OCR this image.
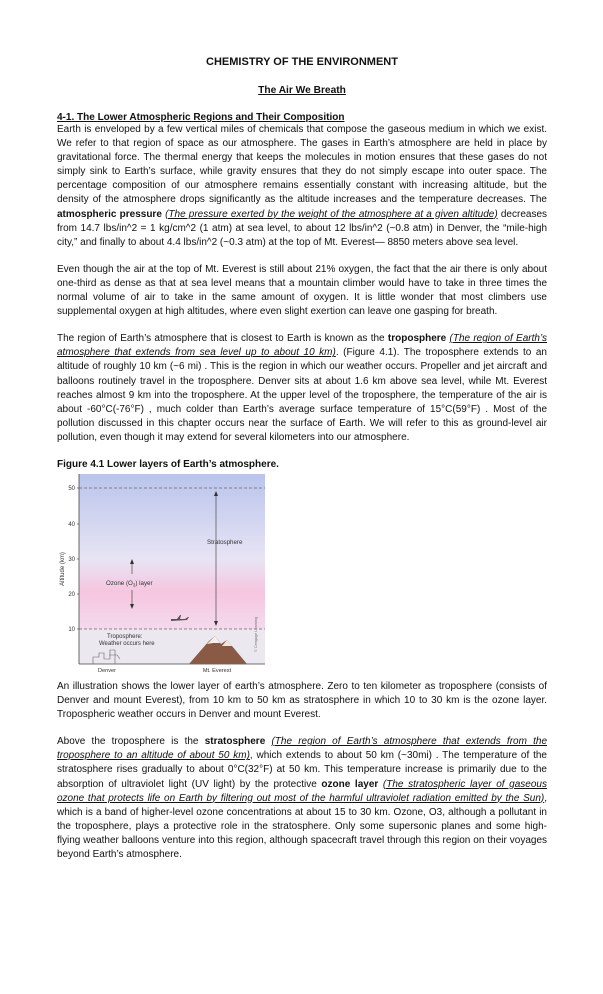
CHEMISTRY OF THE ENVIRONMENT
The Air We Breath
4-1. The Lower Atmospheric Regions and Their Composition

Earth is enveloped by a few vertical miles of chemicals that compose the gaseous medium in which we exist. We refer to that region of space as our atmosphere. The gases in Earth’s atmosphere are held in place by gravitational force. The thermal energy that keeps the molecules in motion ensures that these gases do not simply sink to Earth’s surface, while gravity ensures that they do not simply escape into outer space. The percentage composition of our atmosphere remains essentially constant with increasing altitude, but the density of the atmosphere drops significantly as the altitude increases and the temperature decreases. The atmospheric pressure (The pressure exerted by the weight of the atmosphere at a given altitude) decreases from 14.7 lbs/in^2 = 1 kg/cm^2 (1 atm) at sea level, to about 12 lbs/in^2 (~0.8 atm) in Denver, the “mile-high city,” and finally to about 4.4 lbs/in^2 (~0.3 atm) at the top of Mt. Everest— 8850 meters above sea level.

Even though the air at the top of Mt. Everest is still about 21% oxygen, the fact that the air there is only about one-third as dense as that at sea level means that a mountain climber would have to take in three times the normal volume of air to take in the same amount of oxygen. It is little wonder that most climbers use supplemental oxygen at high altitudes, where even slight exertion can leave one gasping for breath.

The region of Earth’s atmosphere that is closest to Earth is known as the troposphere (The region of Earth’s atmosphere that extends from sea level up to about 10 km). (Figure 4.1). The troposphere extends to an altitude of roughly 10 km (~6 mi) . This is the region in which our weather occurs. Propeller and jet aircraft and balloons routinely travel in the troposphere. Denver sits at about 1.6 km above sea level, while Mt. Everest reaches almost 9 km into the troposphere. At the upper level of the troposphere, the temperature of the air is about -60°C(-76°F) , much colder than Earth’s average surface temperature of 15°C(59°F) . Most of the pollution discussed in this chapter occurs near the surface of Earth. We will refer to this as ground-level air pollution, even though it may extend for several kilometers into our atmosphere.

Figure 4.1 Lower layers of Earth’s atmosphere.
10
20
30
40
50
Altitude (km)
Stratosphere
Ozone $(O_3)$ layer
Troposphere:
Weather occurs here
Denver	Mt. Everest
© Cengage Learning

An illustration shows the lower layer of earth’s atmosphere. Zero to ten kilometer as troposphere (consists of Denver and mount Everest), from 10 km to 50 km as stratosphere in which 10 to 30 km is the ozone layer. Tropospheric weather occurs in Denver and mount Everest.

Above the troposphere is the stratosphere (The region of Earth’s atmosphere that extends from the troposphere to an altitude of about 50 km), which extends to about 50 km (~30mi) . The temperature of the stratosphere rises gradually to about 0°C(32°F) at 50 km. This temperature increase is primarily due to the absorption of ultraviolet light (UV light) by the protective ozone layer (The stratospheric layer of gaseous ozone that protects life on Earth by filtering out most of the harmful ultraviolet radiation emitted by the Sun), which is a band of higher-level ozone concentrations at about 15 to 30 km. Ozone, O3, although a pollutant in the troposphere, plays a protective role in the stratosphere. Only some supersonic planes and some high-flying weather balloons venture into this region, although spacecraft travel through this region on their voyages beyond Earth’s atmosphere.
